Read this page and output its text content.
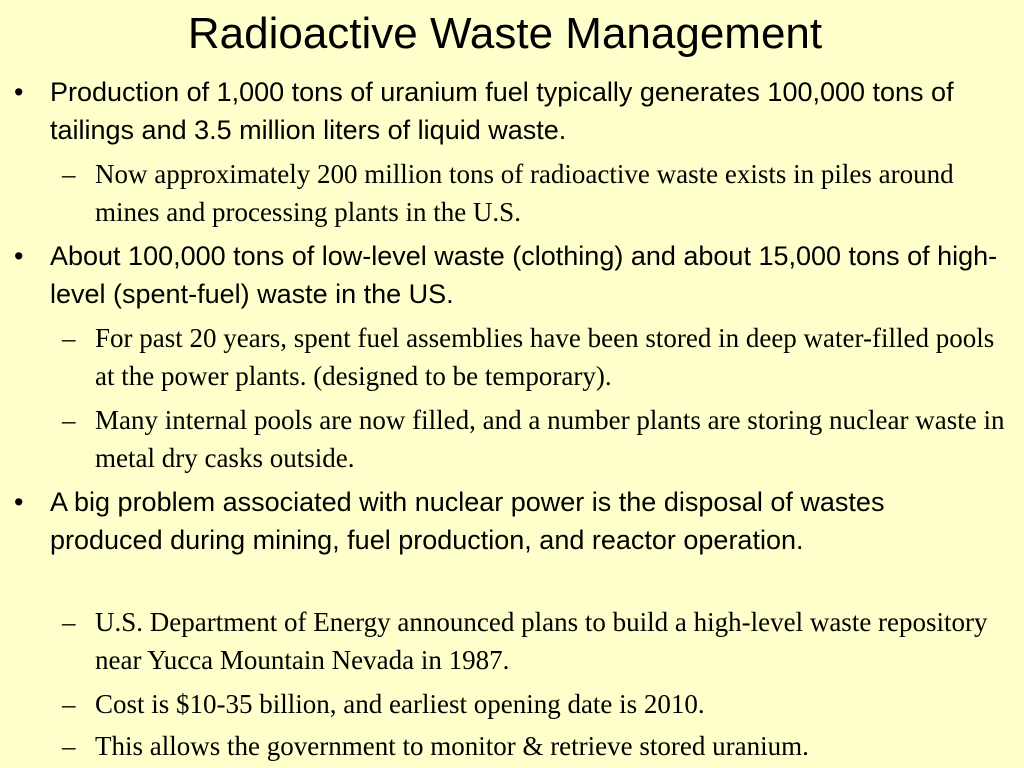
Radioactive Waste Management
• Production of 1,000 tons of uranium fuel typically generates 100,000 tons of tailings and 3.5 million liters of liquid waste.
– Now approximately 200 million tons of radioactive waste exists in piles around mines and processing plants in the U.S.
• About 100,000 tons of low-level waste (clothing) and about 15,000 tons of high-level (spent-fuel) waste in the US.
– For past 20 years, spent fuel assemblies have been stored in deep water-filled pools at the power plants. (designed to be temporary).
– Many internal pools are now filled, and a number plants are storing nuclear waste in metal dry casks outside.
• A big problem associated with nuclear power is the disposal of wastes produced during mining, fuel production, and reactor operation.
– U.S. Department of Energy announced plans to build a high-level waste repository near Yucca Mountain Nevada in 1987.
– Cost is $10-35 billion, and earliest opening date is 2010.
– This allows the government to monitor & retrieve stored uranium.
